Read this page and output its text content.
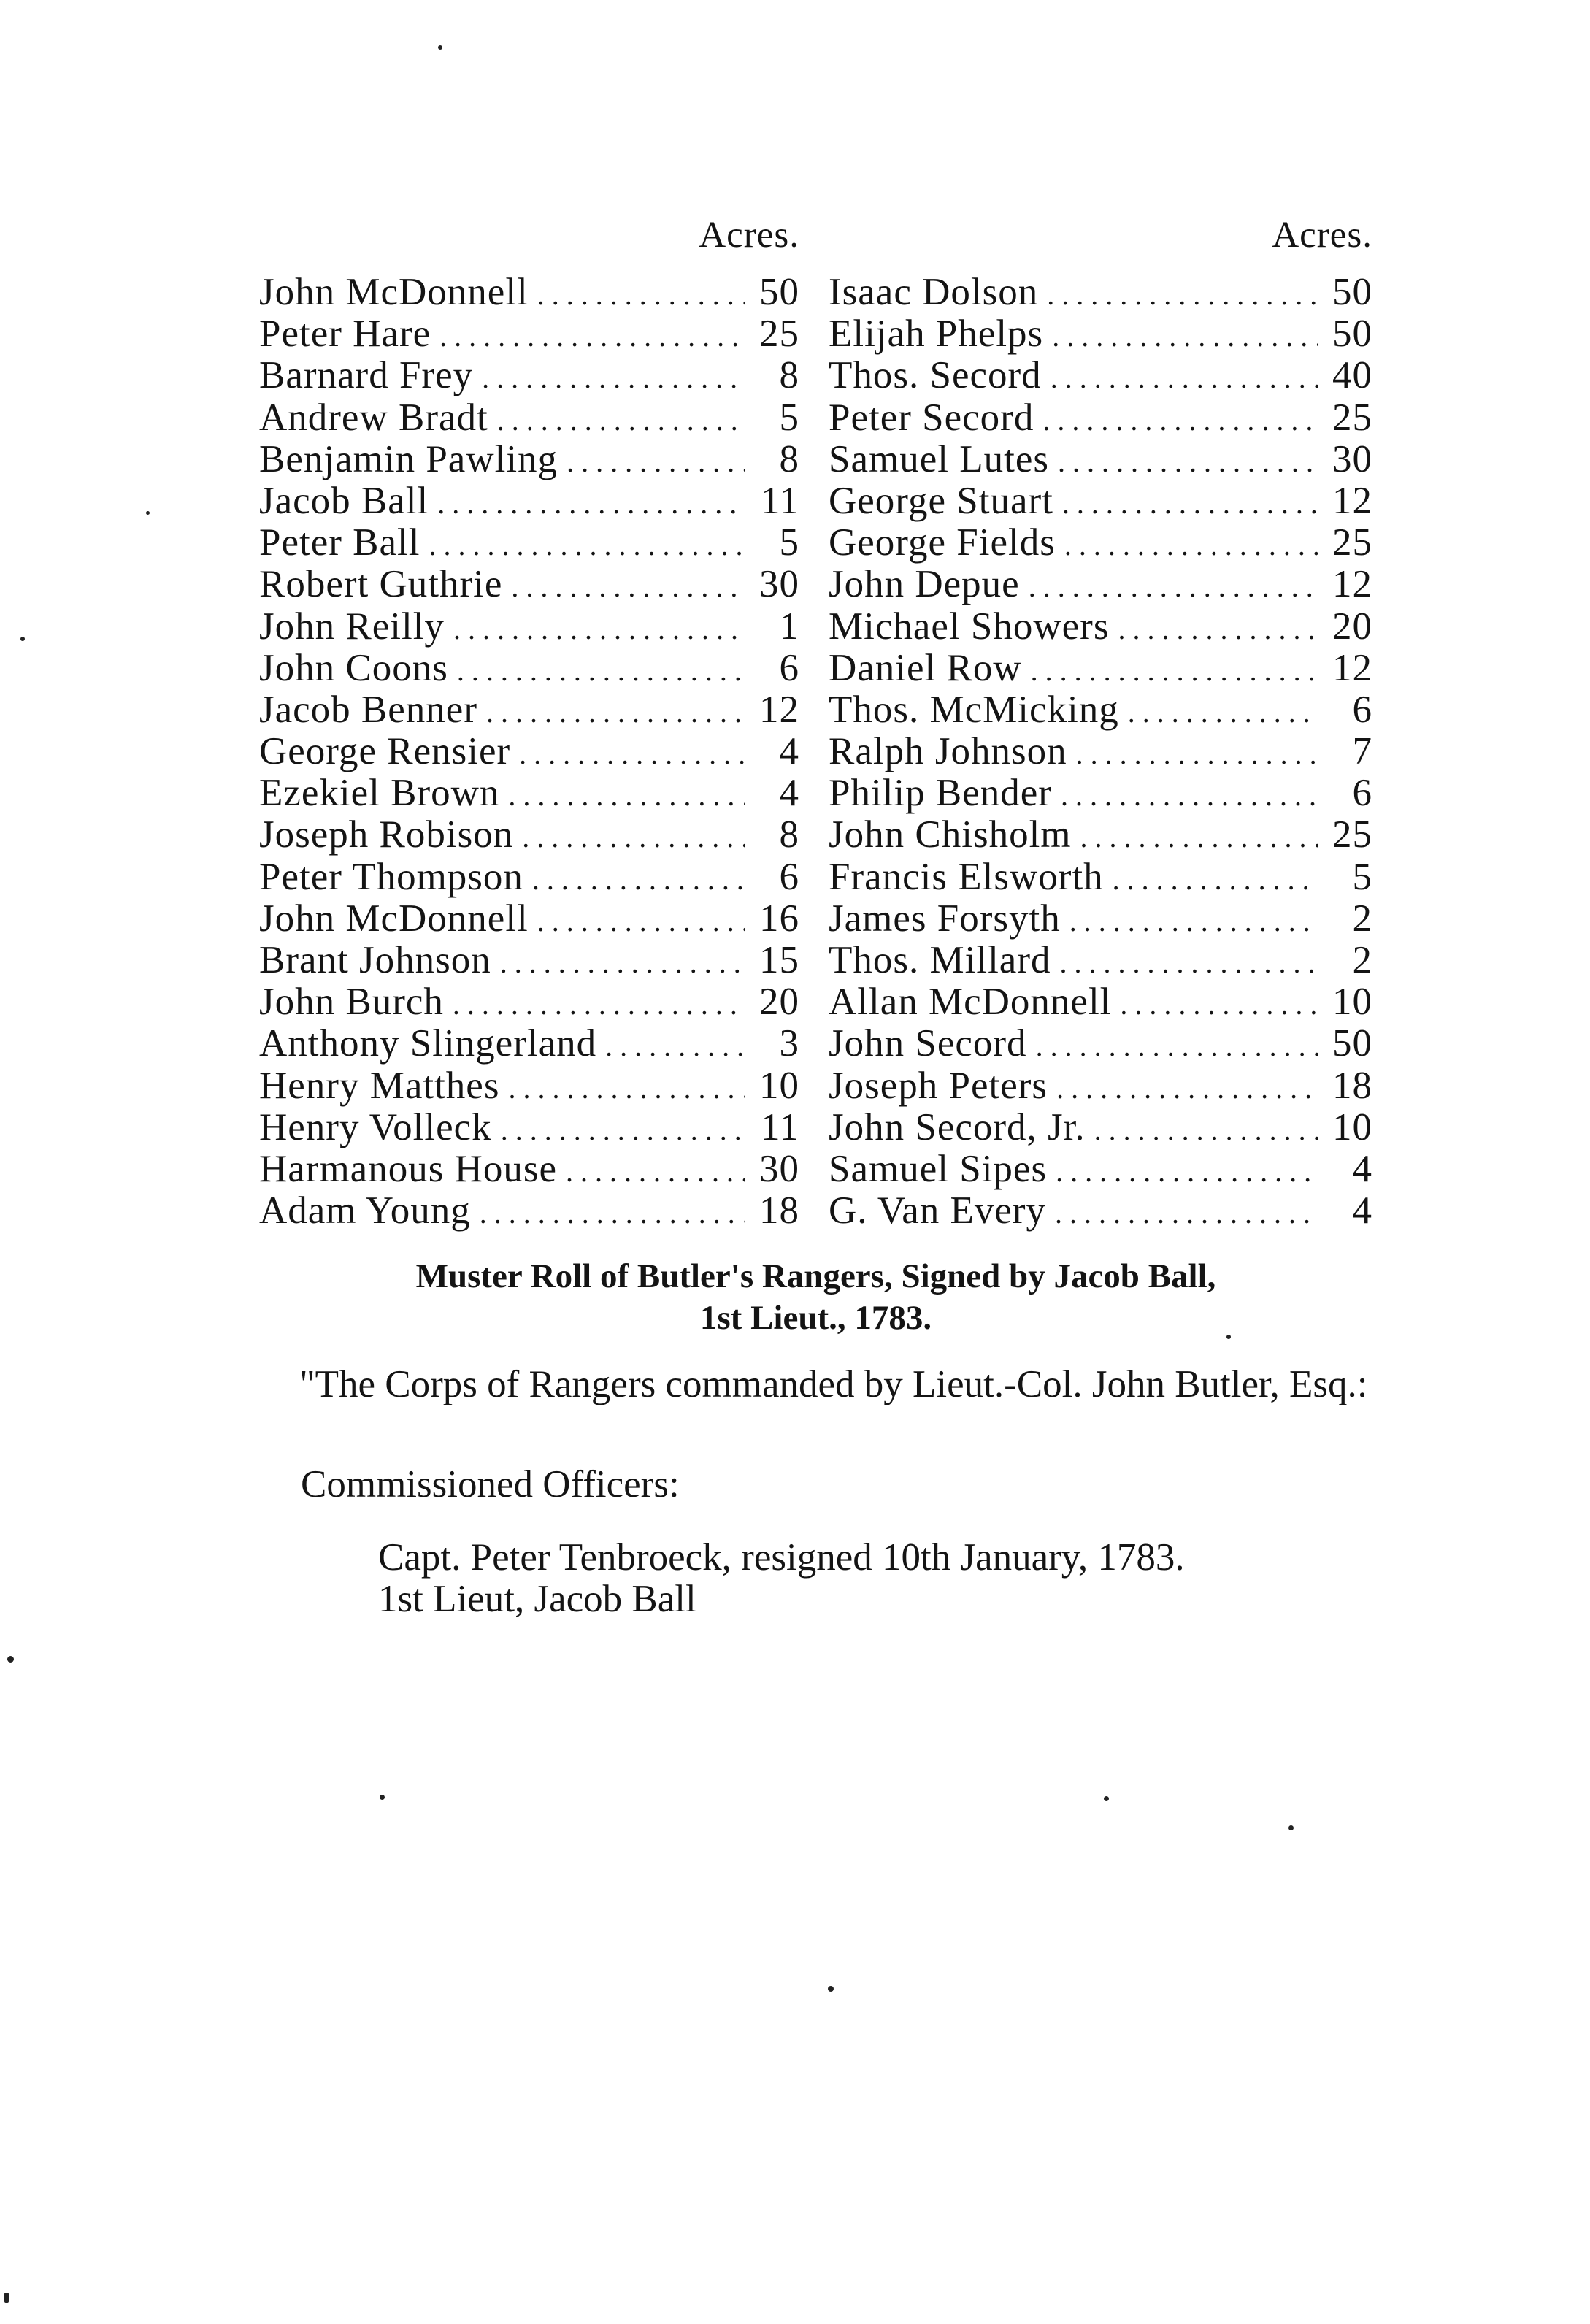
Acres.
John McDonnell . . .	50
Peter Hare . . .	25
Barnard Frey . . .	8
Andrew Bradt . . .	5
Benjamin Pawling . . .	8
Jacob Ball . . .	11
Peter Ball . . .	5
Robert Guthrie . . .	30
John Reilly . . .	1
John Coons . . .	6
Jacob Benner . . .	12
George Rensier . . .	4
Ezekiel Brown . . .	4
Joseph Robison . . .	8
Peter Thompson . . .	6
John McDonnell . . .	16
Brant Johnson . . .	15
John Burch . . .	20
Anthony Slingerland . . .	3
Henry Matthes . . .	10
Henry Volleck . . .	11
Harmanous House . . .	30
Adam Young . . .	18
Acres.
Isaac Dolson . . .	50
Elijah Phelps . . .	50
Thos. Secord . . .	40
Peter Secord . . .	25
Samuel Lutes . . .	30
George Stuart . . .	12
George Fields . . .	25
John Depue . . .	12
Michael Showers . . .	20
Daniel Row . . .	12
Thos. McMicking . . .	6
Ralph Johnson . . .	7
Philip Bender . . .	6
John Chisholm . . .	25
Francis Elsworth . . .	5
James Forsyth . . .	2
Thos. Millard . . .	2
Allan McDonnell . . .	10
John Secord . . .	50
Joseph Peters . . .	18
John Secord, Jr. . . .	10
Samuel Sipes . . .	4
G. Van Every . . .	4
Muster Roll of Butler's Rangers, Signed by Jacob Ball,
1st Lieut., 1783.
"The Corps of Rangers commanded by Lieut.-Col. John Butler, Esq.:
Commissioned Officers:
Capt. Peter Tenbroeck, resigned 10th January, 1783.
1st Lieut, Jacob Ball
